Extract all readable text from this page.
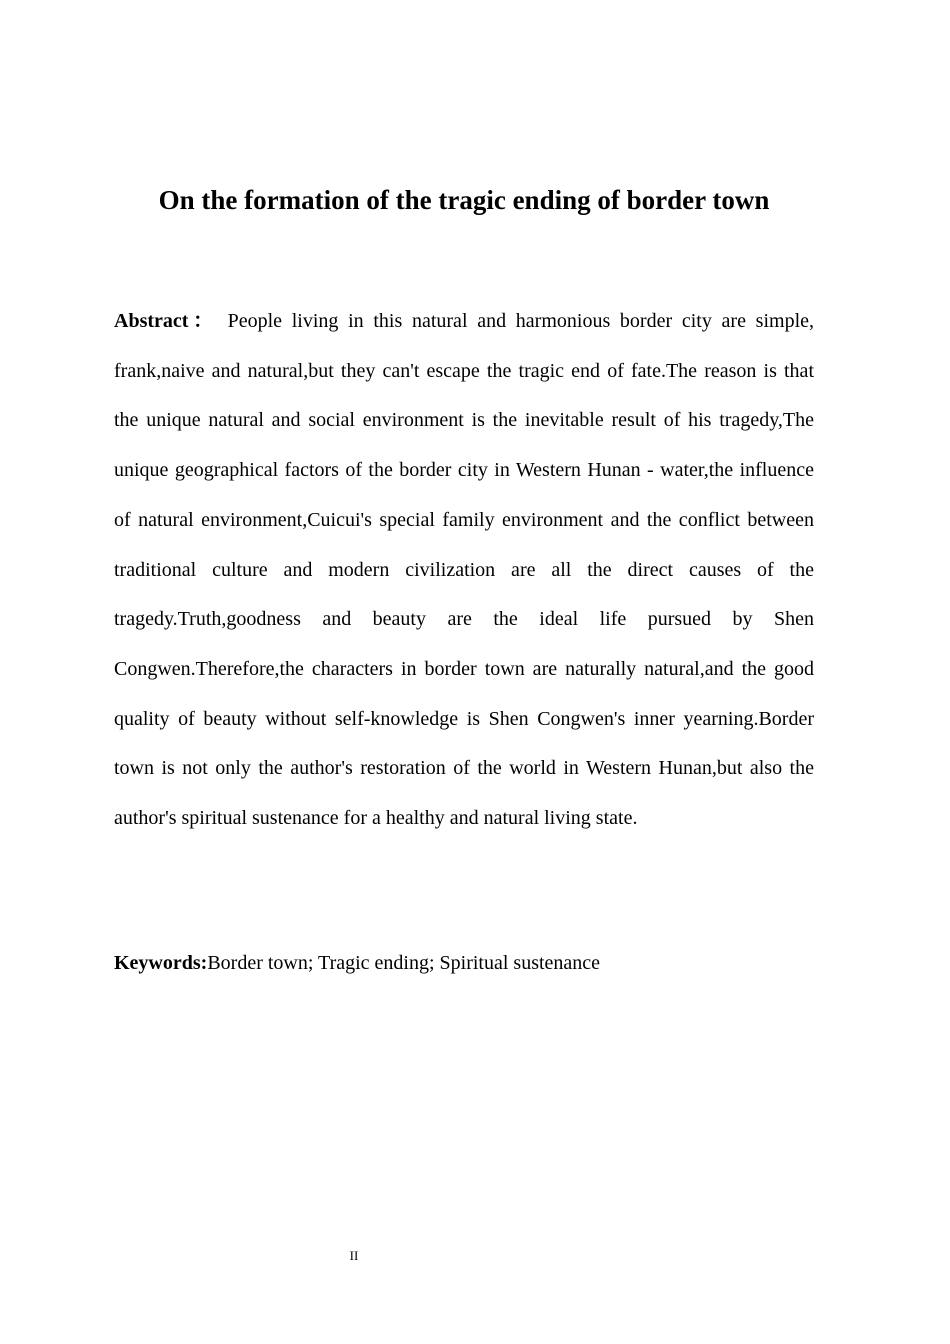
On the formation of the tragic ending of border town

Abstract： People living in this natural and harmonious border city are simple, frank,naive and natural,but they can't escape the tragic end of fate.The reason is that the unique natural and social environment is the inevitable result of his tragedy,The unique geographical factors of the border city in Western Hunan - water,the influence of natural environment,Cuicui's special family environment and the conflict between traditional culture and modern civilization are all the direct causes of the tragedy.Truth,goodness and beauty are the ideal life pursued by Shen Congwen.Therefore,the characters in border town are naturally natural,and the good quality of beauty without self-knowledge is Shen Congwen's inner yearning.Border town is not only the author's restoration of the world in Western Hunan,but also the author's spiritual sustenance for a healthy and natural living state.

Keywords:Border town; Tragic ending; Spiritual sustenance

II
